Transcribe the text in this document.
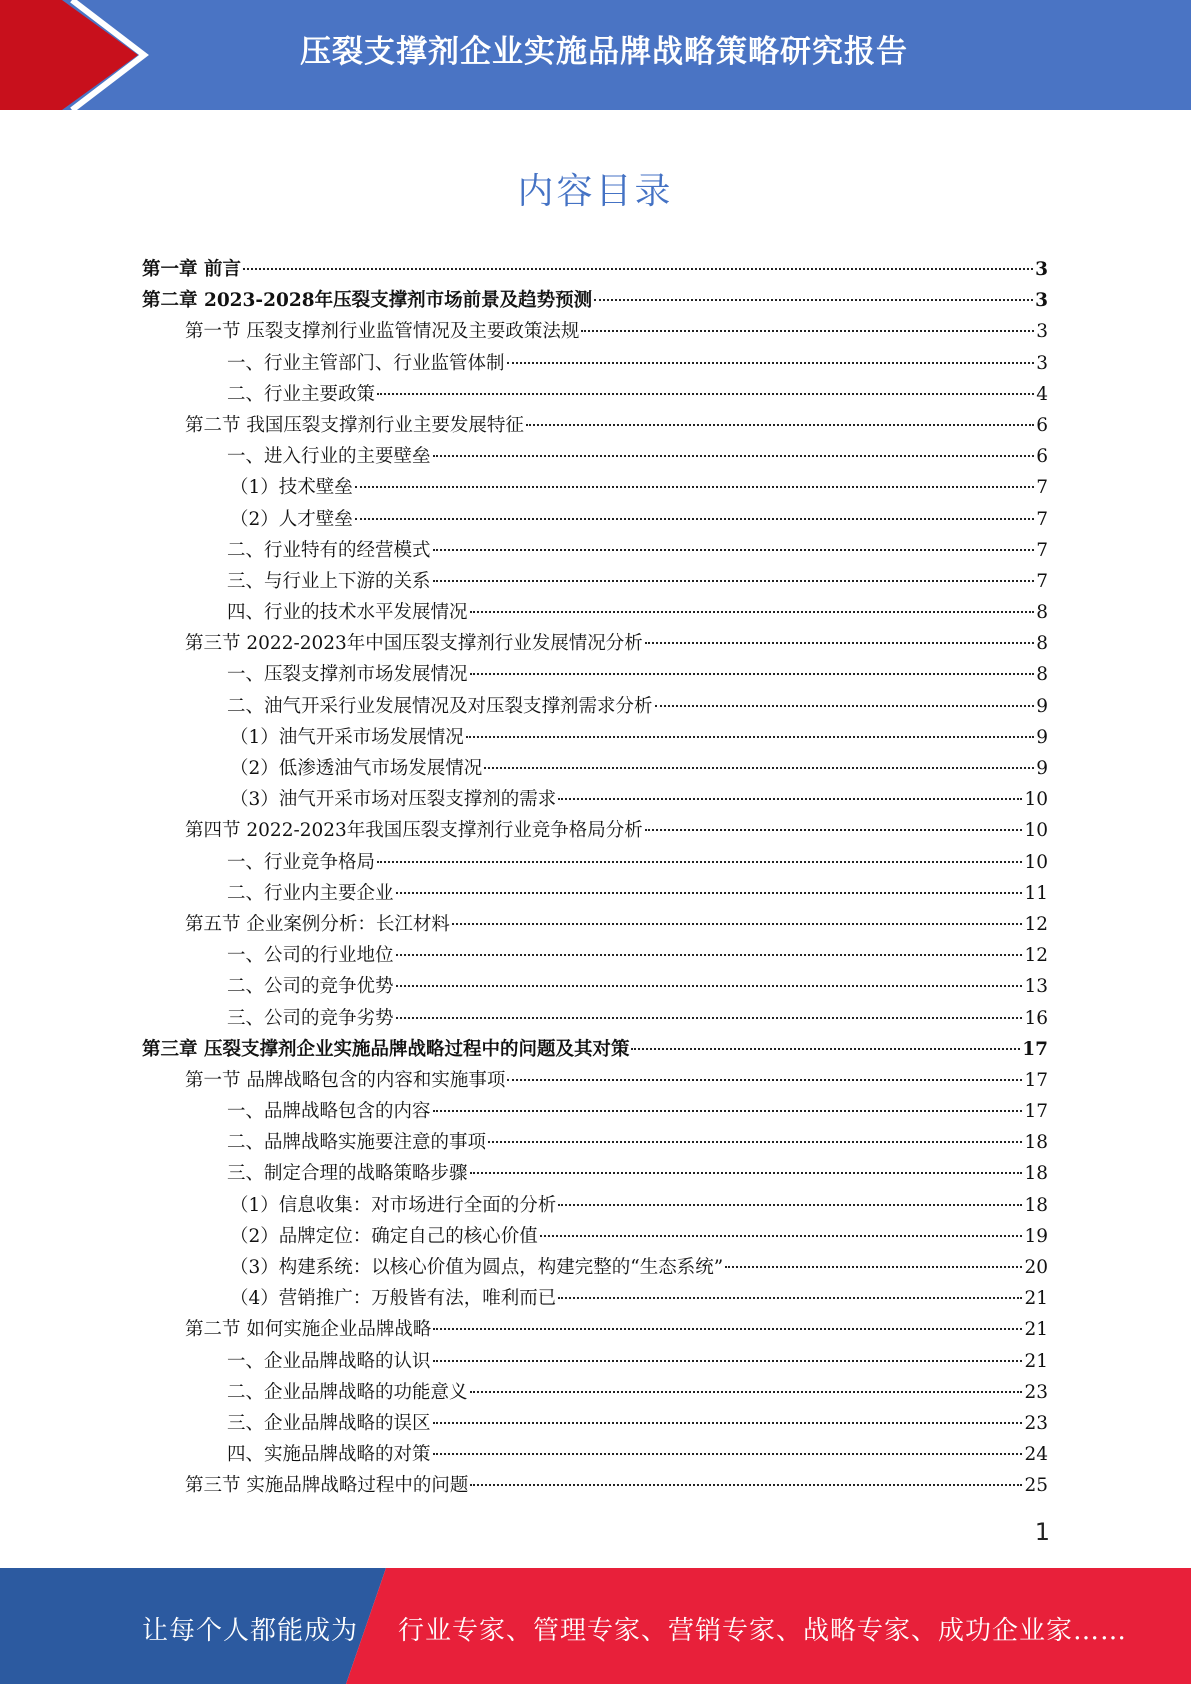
压裂支撑剂企业实施品牌战略策略研究报告
内容目录
第一章 前言	3
第二章 2023-2028年压裂支撑剂市场前景及趋势预测	3
第一节 压裂支撑剂行业监管情况及主要政策法规	3
一、行业主管部门、行业监管体制	3
二、行业主要政策	4
第二节 我国压裂支撑剂行业主要发展特征	6
一、进入行业的主要壁垒	6
（1）技术壁垒	7
（2）人才壁垒	7
二、行业特有的经营模式	7
三、与行业上下游的关系	7
四、行业的技术水平发展情况	8
第三节 2022-2023年中国压裂支撑剂行业发展情况分析	8
一、压裂支撑剂市场发展情况	8
二、油气开采行业发展情况及对压裂支撑剂需求分析	9
（1）油气开采市场发展情况	9
（2）低渗透油气市场发展情况	9
（3）油气开采市场对压裂支撑剂的需求	10
第四节 2022-2023年我国压裂支撑剂行业竞争格局分析	10
一、行业竞争格局	10
二、行业内主要企业	11
第五节 企业案例分析：长江材料	12
一、公司的行业地位	12
二、公司的竞争优势	13
三、公司的竞争劣势	16
第三章 压裂支撑剂企业实施品牌战略过程中的问题及其对策	17
第一节 品牌战略包含的内容和实施事项	17
一、品牌战略包含的内容	17
二、品牌战略实施要注意的事项	18
三、制定合理的战略策略步骤	18
（1）信息收集：对市场进行全面的分析	18
（2）品牌定位：确定自己的核心价值	19
（3）构建系统：以核心价值为圆点，构建完整的“生态系统”	20
（4）营销推广：万般皆有法，唯利而已	21
第二节 如何实施企业品牌战略	21
一、企业品牌战略的认识	21
二、企业品牌战略的功能意义	23
三、企业品牌战略的误区	23
四、实施品牌战略的对策	24
第三节 实施品牌战略过程中的问题	25
1
让每个人都能成为 行业专家、管理专家、营销专家、战略专家、成功企业家……
